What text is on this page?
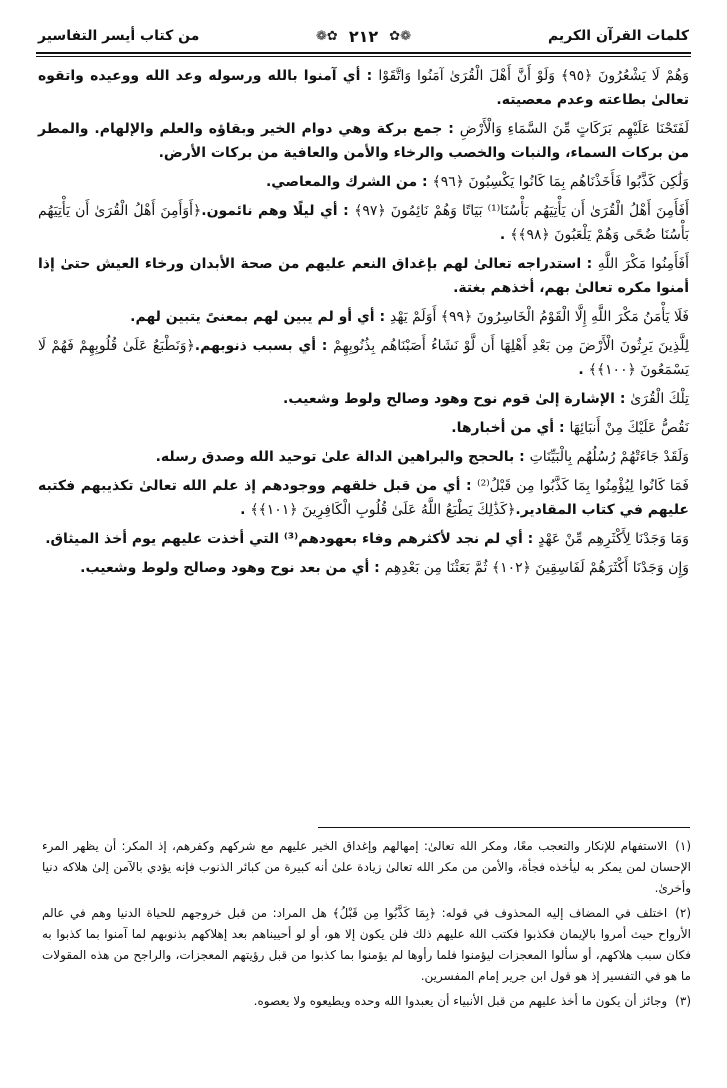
كلمات القرآن الكريم
❁✿ ٢١٢ ✿❁
من كتاب أيسر التفاسير

وَهُمْ لَا يَشْعُرُونَ ﴿٩٥﴾ وَلَوْ أَنَّ أَهْلَ الْقُرَىٰ آمَنُوا وَاتَّقَوْا : أي آمنوا بالله ورسوله وعد الله ووعيده واتقوه تعالىٰ بطاعته وعدم معصيته.

لَفَتَحْنَا عَلَيْهِم بَرَكَاتٍ مِّنَ السَّمَاءِ وَالْأَرْضِ : جمع بركة وهي دوام الخير وبقاؤه والعلم والإلهام. والمطر من بركات السماء، والنبات والخصب والرخاء والأمن والعافية من بركات الأرض.

وَلَٰكِن كَذَّبُوا فَأَخَذْنَاهُم بِمَا كَانُوا يَكْسِبُونَ ﴿٩٦﴾ : من الشرك والمعاصي.

أَفَأَمِنَ أَهْلُ الْقُرَىٰ أَن يَأْتِيَهُم بَأْسُنَا⁽¹⁾ بَيَاتًا وَهُمْ نَائِمُونَ ﴿٩٧﴾ : أي ليلًا وهم نائمون.﴿أَوَأَمِنَ أَهْلُ الْقُرَىٰ أَن يَأْتِيَهُم بَأْسُنَا ضُحًى وَهُمْ يَلْعَبُونَ ﴿٩٨﴾﴾ .

أَفَأَمِنُوا مَكْرَ اللَّهِ : استدراجه تعالىٰ لهم بإغداق النعم عليهم من صحة الأبدان ورخاء العيش حتىٰ إذا أمنوا مكره تعالىٰ بهم، أخذهم بغتة.

فَلَا يَأْمَنُ مَكْرَ اللَّهِ إِلَّا الْقَوْمُ الْخَاسِرُونَ ﴿٩٩﴾ أَوَلَمْ يَهْدِ : أي أو لم يبين لهم بمعنىً يتبين لهم.

لِلَّذِينَ يَرِثُونَ الْأَرْضَ مِن بَعْدِ أَهْلِهَا أَن لَّوْ نَشَاءُ أَصَبْنَاهُم بِذُنُوبِهِمْ : أي بسبب ذنوبهم.﴿وَنَطْبَعُ عَلَىٰ قُلُوبِهِمْ فَهُمْ لَا يَسْمَعُونَ ﴿١٠٠﴾﴾ .

تِلْكَ الْقُرَىٰ : الإشارة إلىٰ قوم نوح وهود وصالح ولوط وشعيب.

نَقُصُّ عَلَيْكَ مِنْ أَنبَائِهَا : أي من أخبارها.

وَلَقَدْ جَاءَتْهُمْ رُسُلُهُم بِالْبَيِّنَاتِ : بالحجج والبراهين الدالة علىٰ توحيد الله وصدق رسله.

فَمَا كَانُوا لِيُؤْمِنُوا بِمَا كَذَّبُوا مِن قَبْلُ⁽²⁾ : أي من قبل خلقهم ووجودهم إذ علم الله تعالىٰ تكذيبهم فكتبه عليهم في كتاب المقادير.﴿كَذَٰلِكَ يَطْبَعُ اللَّهُ عَلَىٰ قُلُوبِ الْكَافِرِينَ ﴿١٠١﴾﴾ .

وَمَا وَجَدْنَا لِأَكْثَرِهِم مِّنْ عَهْدٍ : أي لم نجد لأكثرهم وفاء بعهودهم⁽³⁾ التي أخذت عليهم يوم أخذ الميثاق.

وَإِن وَجَدْنَا أَكْثَرَهُمْ لَفَاسِقِينَ ﴿١٠٢﴾ ثُمَّ بَعَثْنَا مِن بَعْدِهِم : أي من بعد نوح وهود وصالح ولوط وشعيب.

(١)الاستفهام للإنكار والتعجب معًا، ومكر الله تعالىٰ: إمهالهم وإغداق الخير عليهم مع شركهم وكفرهم، إذ المكر: أن يظهر المرء الإحسان لمن يمكر به ليأخذه فجأة، والأمن من مكر الله تعالىٰ زيادة علىٰ أنه كبيرة من كبائر الذنوب فإنه يؤدي بالآمن إلىٰ هلاكه دنيا وأخرىٰ.

(٢)اختلف في المضاف إليه المحذوف في قوله: ﴿بِمَا كَذَّبُوا مِن قَبْلُ﴾ هل المراد: من قبل خروجهم للحياة الدنيا وهم في عالم الأرواح حيث أمروا بالإيمان فكذبوا فكتب الله عليهم ذلك فلن يكون إلا هو، أو لو أحييناهم بعد إهلاكهم بذنوبهم لما آمنوا بما كذبوا به فكان سبب هلاكهم، أو سألوا المعجزات ليؤمنوا فلما رأوها لم يؤمنوا بما كذبوا من قبل رؤيتهم المعجزات، والراجح من هذه المقولات ما هو في التفسير إذ هو قول ابن جرير إمام المفسرين.

(٣)وجائز أن يكون ما أخذ عليهم من قبل الأنبياء أن يعبدوا الله وحده ويطيعوه ولا يعصوه.
